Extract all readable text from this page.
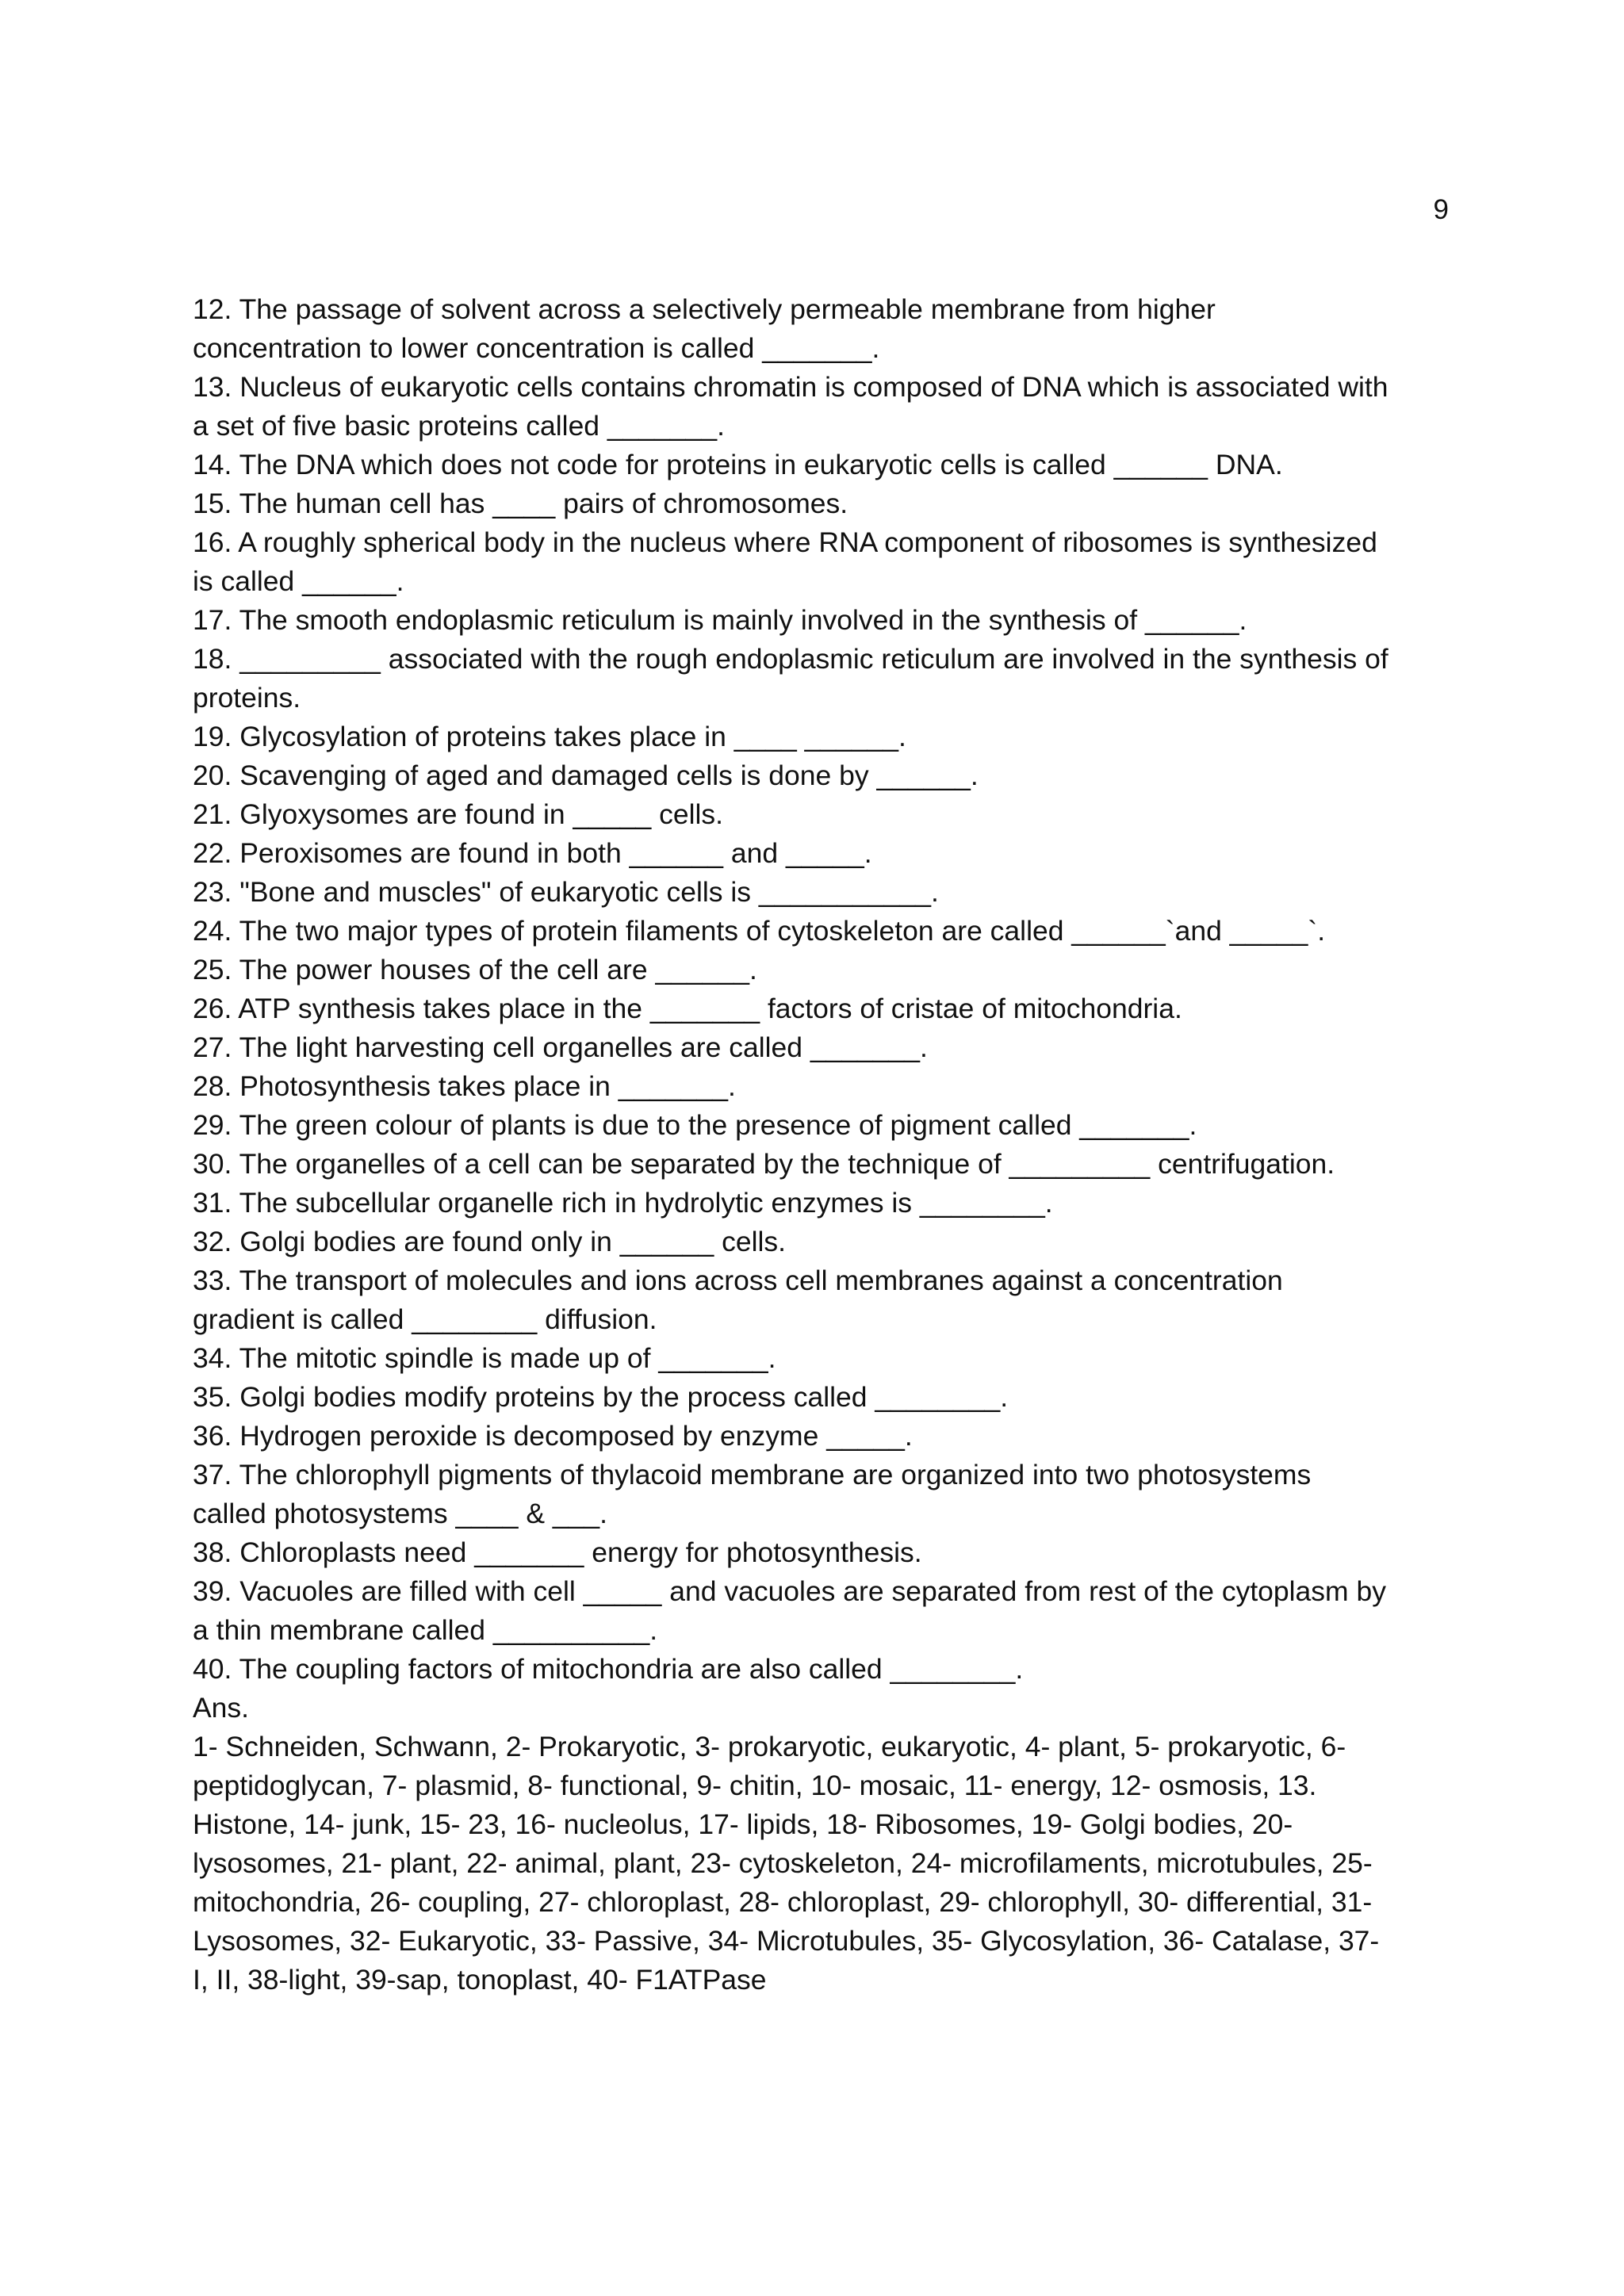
9
12. The passage of solvent across a selectively permeable membrane from higher
concentration to lower concentration is called _______.
13. Nucleus of eukaryotic cells contains chromatin is composed of DNA which is associated with
a set of five basic proteins called _______.
14. The DNA which does not code for proteins in eukaryotic cells is called ______ DNA.
15. The human cell has ____ pairs of chromosomes.
16. A roughly spherical body in the nucleus where RNA component of ribosomes is synthesized
is called ______.
17. The smooth endoplasmic reticulum is mainly involved in the synthesis of ______.
18. _________ associated with the rough endoplasmic reticulum are involved in the synthesis of
proteins.
19. Glycosylation of proteins takes place in ____ ______.
20. Scavenging of aged and damaged cells is done by ______.
21. Glyoxysomes are found in _____ cells.
22. Peroxisomes are found in both ______ and _____.
23. "Bone and muscles" of eukaryotic cells is ___________.
24. The two major types of protein filaments of cytoskeleton are called ______`and _____`.
25. The power houses of the cell are ______.
26. ATP synthesis takes place in the _______ factors of cristae of mitochondria.
27. The light harvesting cell organelles are called _______.
28. Photosynthesis takes place in _______.
29. The green colour of plants is due to the presence of pigment called _______.
30. The organelles of a cell can be separated by the technique of _________ centrifugation.
31. The subcellular organelle rich in hydrolytic enzymes is ________.
32. Golgi bodies are found only in ______ cells.
33. The transport of molecules and ions across cell membranes against a concentration
gradient is called ________ diffusion.
34. The mitotic spindle is made up of _______.
35. Golgi bodies modify proteins by the process called ________.
36. Hydrogen peroxide is decomposed by enzyme _____.
37. The chlorophyll pigments of thylacoid membrane are organized into two photosystems
called photosystems ____ & ___.
38. Chloroplasts need _______ energy for photosynthesis.
39. Vacuoles are filled with cell _____ and vacuoles are separated from rest of the cytoplasm by
a thin membrane called __________.
40. The coupling factors of mitochondria are also called ________.
Ans.
1- Schneiden, Schwann, 2- Prokaryotic, 3- prokaryotic, eukaryotic, 4- plant, 5- prokaryotic, 6-
peptidoglycan, 7- plasmid, 8- functional, 9- chitin, 10- mosaic, 11- energy, 12- osmosis, 13.
Histone, 14- junk, 15- 23, 16- nucleolus, 17- lipids, 18- Ribosomes, 19- Golgi bodies, 20-
lysosomes, 21- plant, 22- animal, plant, 23- cytoskeleton, 24- microfilaments, microtubules, 25-
mitochondria, 26- coupling, 27- chloroplast, 28- chloroplast, 29- chlorophyll, 30- differential, 31-
Lysosomes, 32- Eukaryotic, 33- Passive, 34- Microtubules, 35- Glycosylation, 36- Catalase, 37-
I, II, 38-light, 39-sap, tonoplast, 40- F1ATPase
